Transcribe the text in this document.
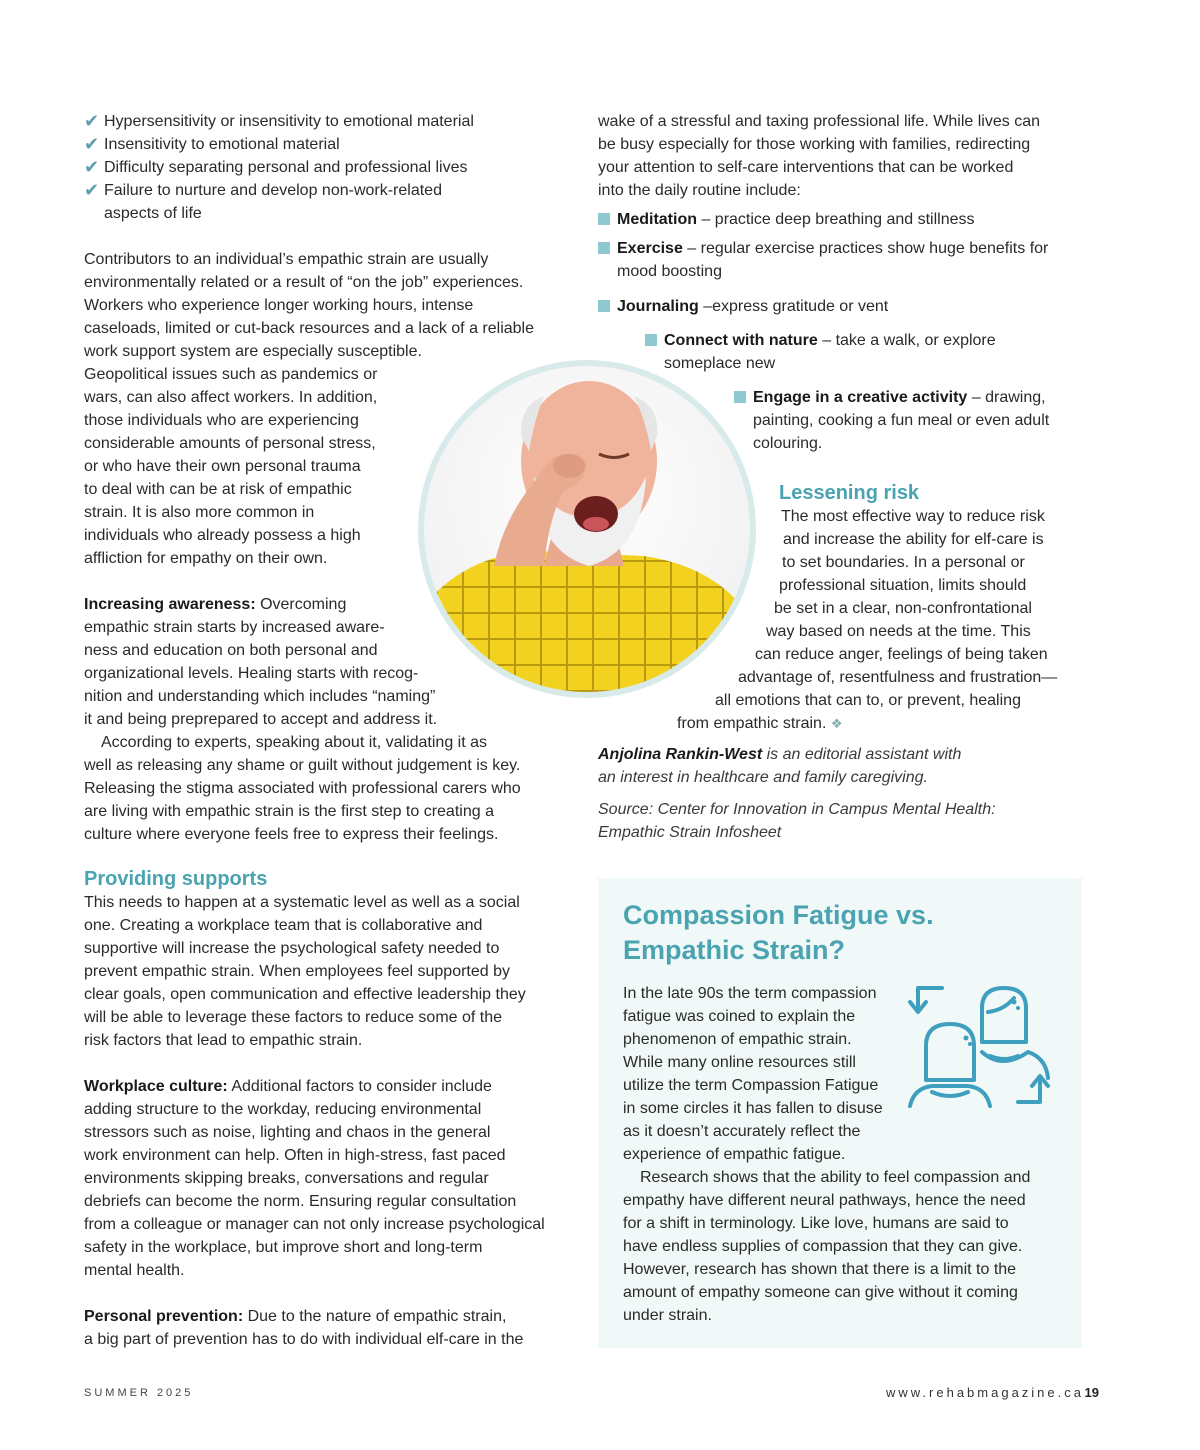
✔ Hypersensitivity or insensitivity to emotional material
✔ Insensitivity to emotional material
✔ Difficulty separating personal and professional lives
✔ Failure to nurture and develop non-work-related aspects of life

Contributors to an individual’s empathic strain are usually
environmentally related or a result of “on the job” experiences.
Workers who experience longer working hours, intense
caseloads, limited or cut-back resources and a lack of a reliable
work support system are especially susceptible.
Geopolitical issues such as pandemics or
wars, can also affect workers. In addition,
those individuals who are experiencing
considerable amounts of personal stress,
or who have their own personal trauma
to deal with can be at risk of empathic
strain. It is also more common in
individuals who already possess a high
affliction for empathy on their own.

Increasing awareness: Overcoming
empathic strain starts by increased aware-
ness and education on both personal and
organizational levels. Healing starts with recog-
nition and understanding which includes “naming”
it and being preprepared to accept and address it.

According to experts, speaking about it, validating it as
well as releasing any shame or guilt without judgement is key.
Releasing the stigma associated with professional carers who
are living with empathic strain is the first step to creating a
culture where everyone feels free to express their feelings.

Providing supports

This needs to happen at a systematic level as well as a social
one. Creating a workplace team that is collaborative and
supportive will increase the psychological safety needed to
prevent empathic strain. When employees feel supported by
clear goals, open communication and effective leadership they
will be able to leverage these factors to reduce some of the
risk factors that lead to empathic strain.

Workplace culture: Additional factors to consider include
adding structure to the workday, reducing environmental
stressors such as noise, lighting and chaos in the general
work environment can help. Often in high-stress, fast paced
environments skipping breaks, conversations and regular
debriefs can become the norm. Ensuring regular consultation
from a colleague or manager can not only increase psychological
safety in the workplace, but improve short and long-term
mental health.

Personal prevention: Due to the nature of empathic strain,
a big part of prevention has to do with individual elf-care in the

wake of a stressful and taxing professional life. While lives can
be busy especially for those working with families, redirecting
your attention to self-care interventions that can be worked
into the daily routine include:

Meditation – practice deep breathing and stillness
Exercise – regular exercise practices show huge benefits for mood boosting
Journaling –express gratitude or vent
Connect with nature – take a walk, or explore someplace new
Engage in a creative activity – drawing, painting, cooking a fun meal or even adult colouring.
Lessening risk

The most effective way to reduce risk
and increase the ability for elf-care is
to set boundaries. In a personal or
professional situation, limits should
be set in a clear, non-confrontational
way based on needs at the time. This
can reduce anger, feelings of being taken
advantage of, resentfulness and frustration—
all emotions that can to, or prevent, healing
from empathic strain. ❖

Anjolina Rankin-West is an editorial assistant with an interest in healthcare and family caregiving.

Source: Center for Innovation in Campus Mental Health: Empathic Strain Infosheet

Compassion Fatigue vs.
Empathic Strain?

In the late 90s the term compassion
fatigue was coined to explain the
phenomenon of empathic strain.
While many online resources still
utilize the term Compassion Fatigue
in some circles it has fallen to disuse
as it doesn’t accurately reflect the
experience of empathic fatigue.

Research shows that the ability to feel compassion and
empathy have different neural pathways, hence the need
for a shift in terminology. Like love, humans are said to
have endless supplies of compassion that they can give.
However, research has shown that there is a limit to the
amount of empathy someone can give without it coming
under strain.

SUMMER 2025	www.rehabmagazine.ca 19
